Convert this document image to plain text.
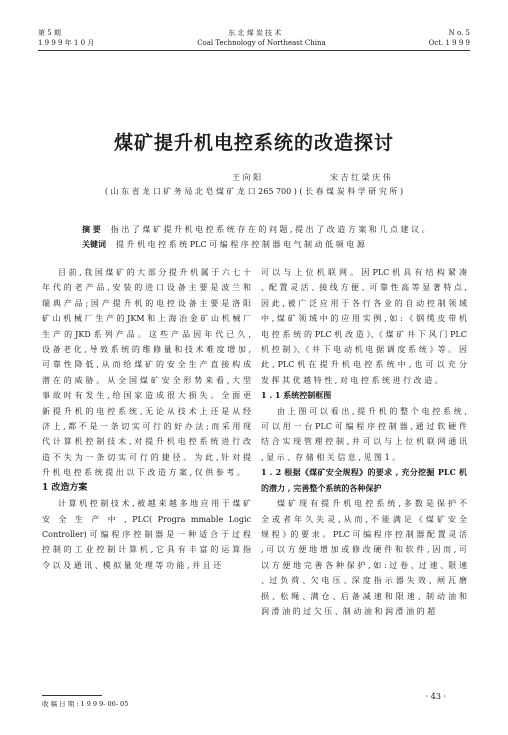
第 5 期	东 北 煤 炭 技 术	N o. 5
1 9 9 9 年 1 0 月	Coal Technology of Northeast China	Oct. 1 9 9 9
煤矿提升机电控系统的改造探讨
王 向 阳	宋 吉 红 梁 庆 伟
( 山 东 省 龙 口 矿 务 局 北 皂 煤 矿 龙 口 265 700 ) ( 长 春 煤 炭 科 学 研 究 所 )
摘 要 指 出 了 煤 矿 提 升 机 电 控 系 统 存 在 的 问 题 , 提 出 了 改 造 方 案 和 几 点 建 议 。
关键词 提 升 机 电 控 系 统 PLC 可 编 程 序 控 制 器 电 气 制 动 低 频 电 源

目 前 , 我 国 煤 矿 的 大 部 分 提 升 机 属 于 六 七 十 年 代 的 老 产 品 , 安 装 的 进 口 设 备 主 要 是 波 兰 和 瑞 典 产 品 ; 国 产 提 升 机 的 电 控 设 备 主 要 是 洛 阳 矿 山 机 械 厂 生 产 的 JKM 和 上 海 冶 金 矿 山 机 械 厂 生 产 的 JKD 系 列 产 品 。 这 些 产 品 因 年 代 已 久 , 设 备 老 化 , 导 致 系 统 的 维 修 量 和 技 术 难 度 增 加 , 可 靠 性 降 低 , 从 而 给 煤 矿 的 安 全 生 产 直 接 构 成 潜 在 的 威 胁 。 从 全 国 煤 矿 安 全 形 势 来 看 , 大 型 事 故 时 有 发 生 , 给 国 家 造 成 很 大 损 失 。 全 面 更 新 提 升 机 的 电 控 系 统 , 无 论 从 技 术 上 还 是 从 经 济 上 , 都 不 是 一 条 切 实 可 行 的 好 办 法 ; 而 采 用 现 代 计 算 机 控 制 技 术 , 对 提 升 机 电 控 系 统 进 行 改 造 不 失 为 一 条 切 实 可 行 的 捷 径 。 为 此 , 针 对 提 升 机 电 控 系 统 提 出 以 下 改 造 方 案 , 仅 供 参 考 。

1 改造方案

计 算 机 控 制 技 术 , 被 越 来 越 多 地 应 用 于 煤 矿 安 全 生 产 中 , PLC( Progra mmable Logic Controller) 可 编 程 序 控 制 器 是 一 种 适 合 于 过 程 控 制 的 工 业 控 制 计 算 机 , 它 具 有 丰 富 的 运 算 指 令 以 及 通 讯 、模 拟 量 处 理 等 功 能 , 并 且 还

可 以 与 上 位 机 联 网 。 因 PLC 机 具 有 结 构 紧 凑 、配 置 灵 活 、接 线 方 便 、可 靠 性 高 等 显 著 特 点 , 因 此 , 被 广 泛 应 用 于 各 行 各 业 的 自 动 控 制 领 域 中 , 煤 矿 领 域 中 的 应 用 实 例 , 如 : 《 钢 缆 皮 带 机 电 控 系 统 的 PLC 机 改 造 》、《 煤 矿 井 下 风 门 PLC 机 控 制 》、《 井 下 电 动 机 电 据 调 度 系 统 》等 。 因 此 , PLC 机 在 提 升 机 电 控 系 统 中 , 也 可 以 充 分 发 挥 其 优 越 特 性 , 对 电 控 系 统 进 行 改 造 。

1 . 1 系统控制框图

由 上 图 可 以 看 出 , 提 升 机 的 整 个 电 控 系 统 , 可 以 用 一 台 PLC 可 编 程 序 控 制 器 , 通 过 软 硬 件 结 合 实 现 管 理 控 制 , 并 可 以 与 上 位 机 联 网 通 讯 , 显 示 、存 储 相 关 信 息 , 见 图 1 。

1 . 2 根据《煤矿安全规程》的要求 , 充分挖掘 PLC 机的潜力 , 完善整个系统的各种保护

煤 矿 现 有 提 升 机 电 控 系 统 , 多 数 是 保 护 不 全 或 者 年 久 失 灵 , 从 而 , 不 能 满 足 《 煤 矿 安 全 规 程 》的 要 求 。 PLC 可 编 程 序 控 制 器 配 置 灵 活 , 可 以 方 便 地 增 加 或 修 改 硬 件 和 软 件 , 因 而 , 可 以 方 便 地 完 善 各 种 保 护 , 如 : 过 卷 、过 速 、限 速 、过 负 荷 、欠 电 压 、深 度 指 示 器 失 效 、闸 瓦 磨 损 、松 绳 、满 仓 、后 备 减 速 和 限 速 、制 动 油 和 润 滑 油 的 过 欠 压 、制 动 油 和 润 滑 油 的 超

收 稿 日 期 : 1 9 9 9- 06- 05
· 43 ·
